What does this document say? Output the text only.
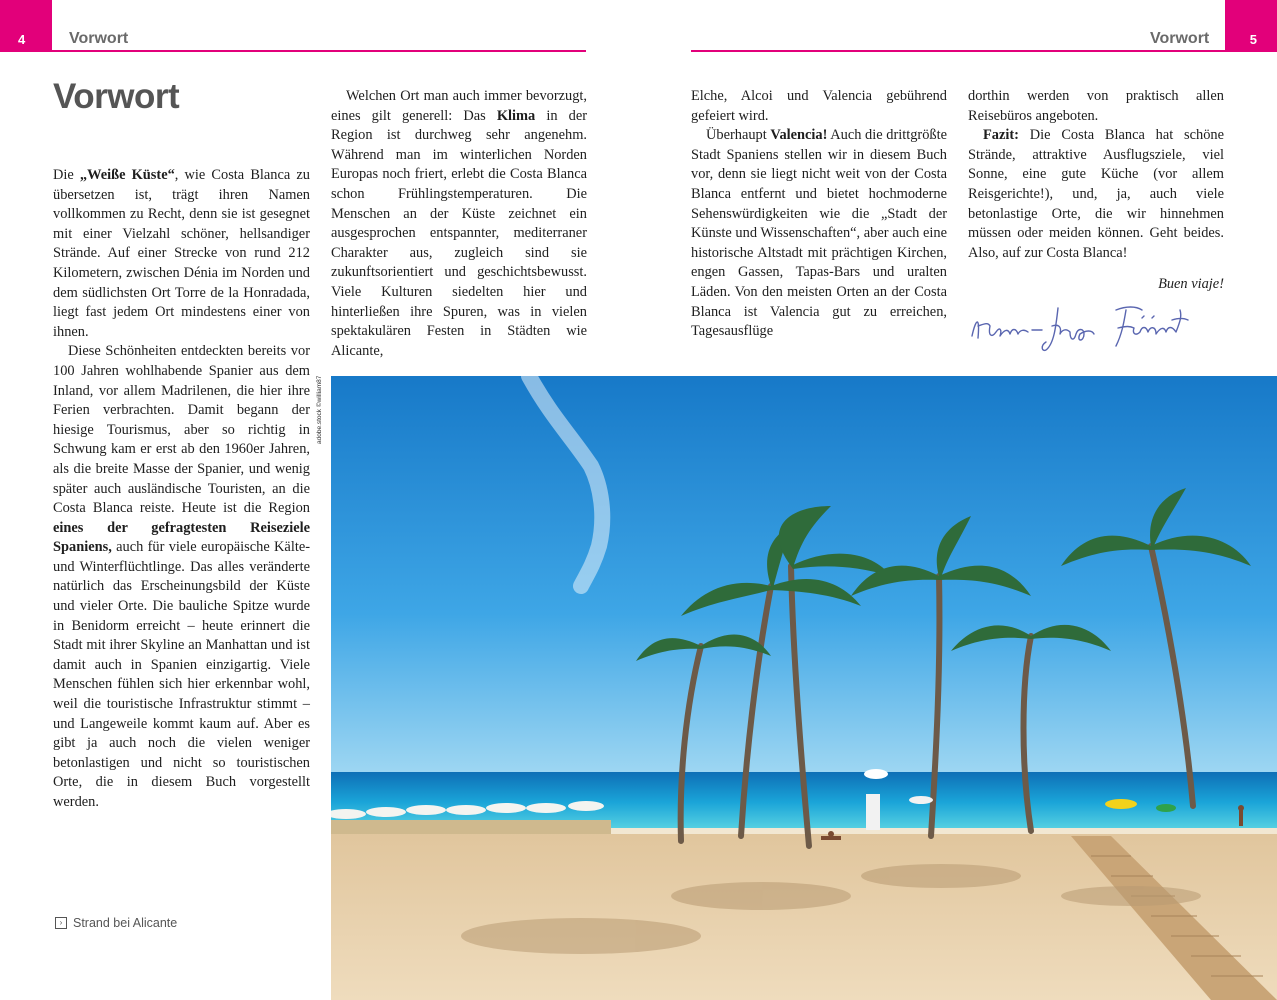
4	5
Vorwort	Vorwort
Vorwort

Die „Weiße Küste“, wie Costa Blanca zu übersetzen ist, trägt ihren Namen vollkommen zu Recht, denn sie ist gesegnet mit einer Vielzahl schöner, hellsandiger Strände. Auf einer Strecke von rund 212 Kilometern, zwischen Dénia im Norden und dem südlichsten Ort Torre de la Honradada, liegt fast jedem Ort mindestens einer von ihnen.

Diese Schönheiten entdeckten bereits vor 100 Jahren wohlhabende Spanier aus dem Inland, vor allem Madrilenen, die hier ihre Ferien verbrachten. Damit begann der hiesige Tourismus, aber so richtig in Schwung kam er erst ab den 1960er Jahren, als die breite Masse der Spanier, und wenig später auch ausländische Touristen, an die Costa Blanca reiste. Heute ist die Region eines der gefragtesten Reiseziele Spaniens, auch für viele europäische Kälte- und Winterflüchtlinge. Das alles veränderte natürlich das Erscheinungsbild der Küste und vieler Orte. Die bauliche Spitze wurde in Benidorm erreicht – heute erinnert die Stadt mit ihrer Skyline an Manhattan und ist damit auch in Spanien einzigartig. Viele Menschen fühlen sich hier erkennbar wohl, weil die touristische Infrastruktur stimmt – und Langeweile kommt kaum auf. Aber es gibt ja auch noch die vielen weniger betonlastigen und nicht so touristischen Orte, die in diesem Buch vorgestellt werden.

Welchen Ort man auch immer bevorzugt, eines gilt generell: Das Klima in der Region ist durchweg sehr angenehm. Während man im winterlichen Norden Europas noch friert, erlebt die Costa Blanca schon Frühlingstemperaturen. Die Menschen an der Küste zeichnet ein ausgesprochen entspannter, mediterraner Charakter aus, zugleich sind sie zukunftsorientiert und geschichtsbewusst. Viele Kulturen siedelten hier und hinterließen ihre Spuren, was in vielen spektakulären Festen in Städten wie Alicante,

Elche, Alcoi und Valencia gebührend gefeiert wird.

Überhaupt Valencia! Auch die drittgrößte Stadt Spaniens stellen wir in diesem Buch vor, denn sie liegt nicht weit von der Costa Blanca entfernt und bietet hochmoderne Sehenswürdigkeiten wie die „Stadt der Künste und Wissenschaften“, aber auch eine historische Altstadt mit prächtigen Kirchen, engen Gassen, Tapas-Bars und uralten Läden. Von den meisten Orten an der Costa Blanca ist Valencia gut zu erreichen, Tagesausflüge

dorthin werden von praktisch allen Reisebüros angeboten.

Fazit: Die Costa Blanca hat schöne Strände, attraktive Ausflugsziele, viel Sonne, eine gute Küche (vor allem Reisgerichte!), und, ja, auch viele betonlastige Orte, die wir hinnehmen müssen oder meiden können. Geht beides. Also, auf zur Costa Blanca!

Buen viaje!

adobe.stock ©william87
› Strand bei Alicante
